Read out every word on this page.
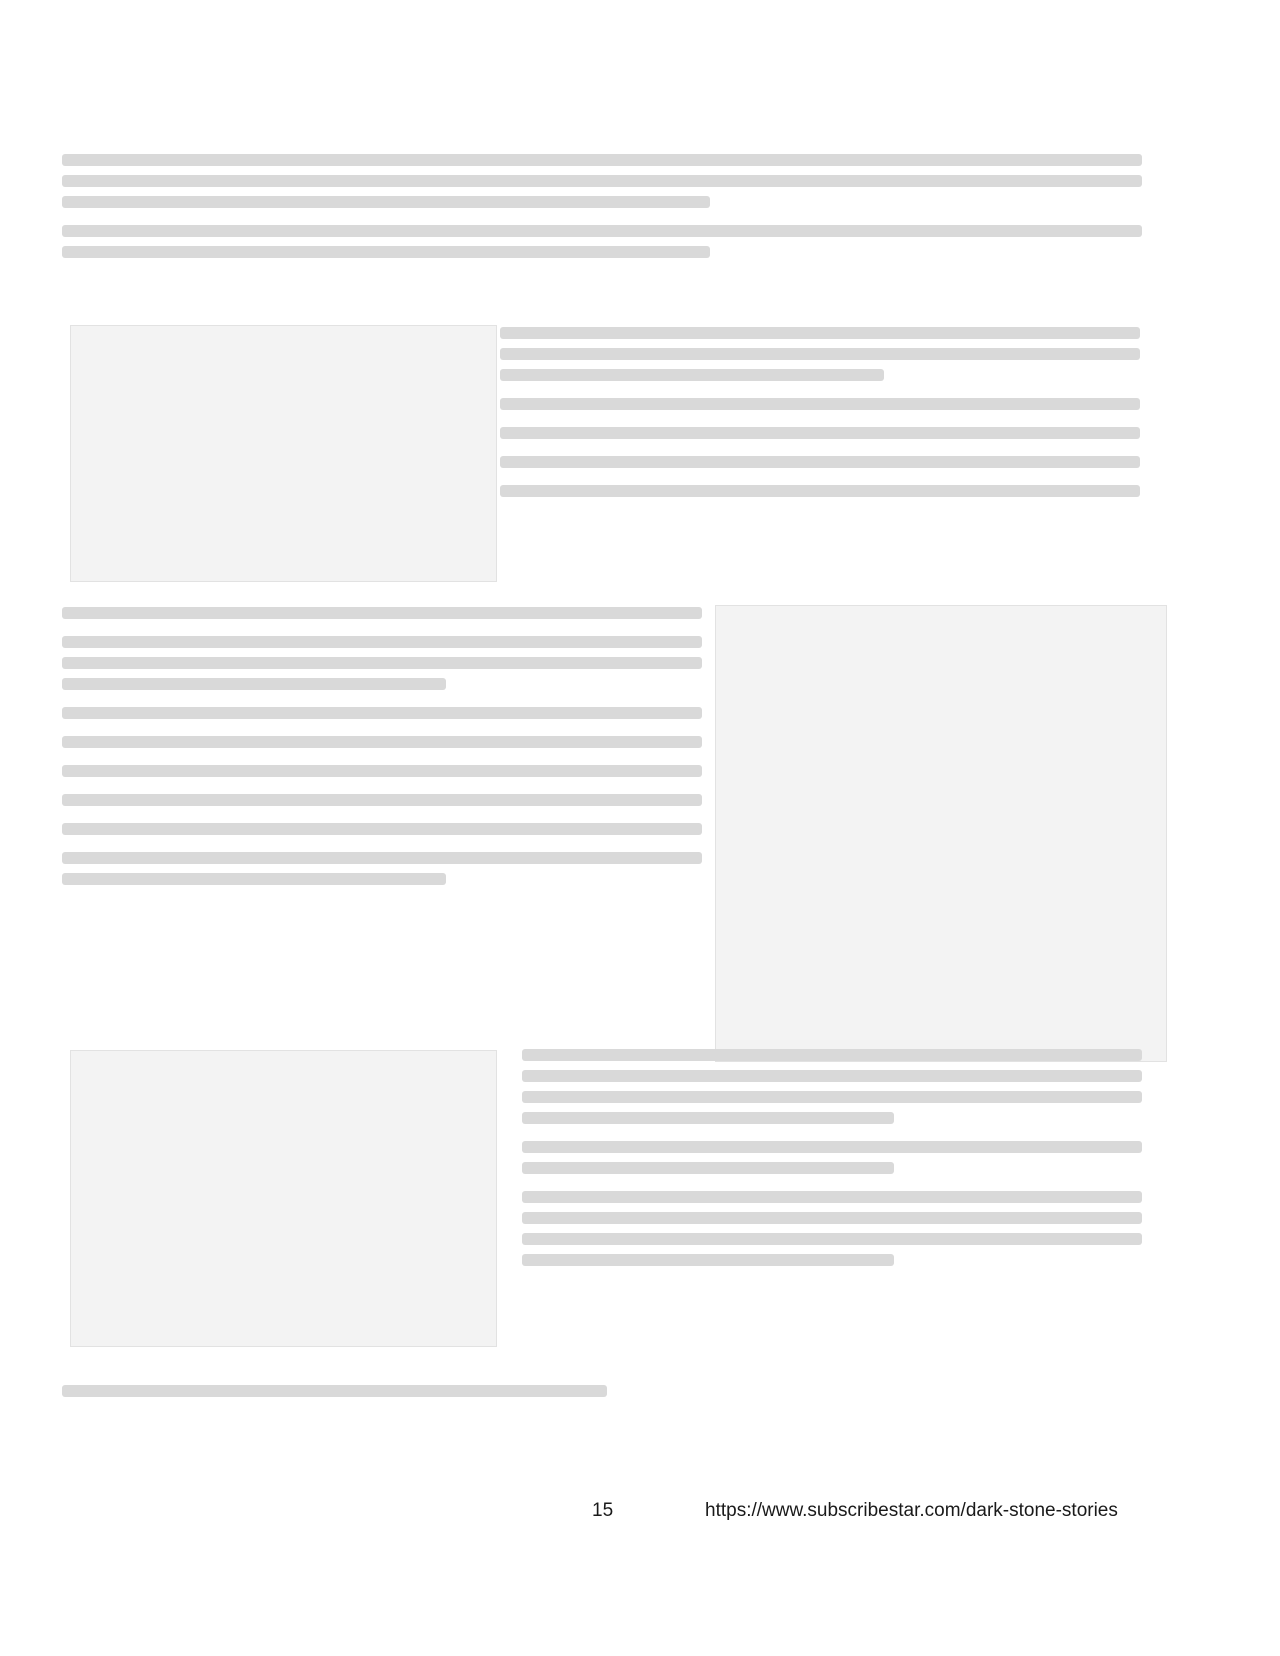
15	https://www.subscribestar.com/dark-stone-stories
